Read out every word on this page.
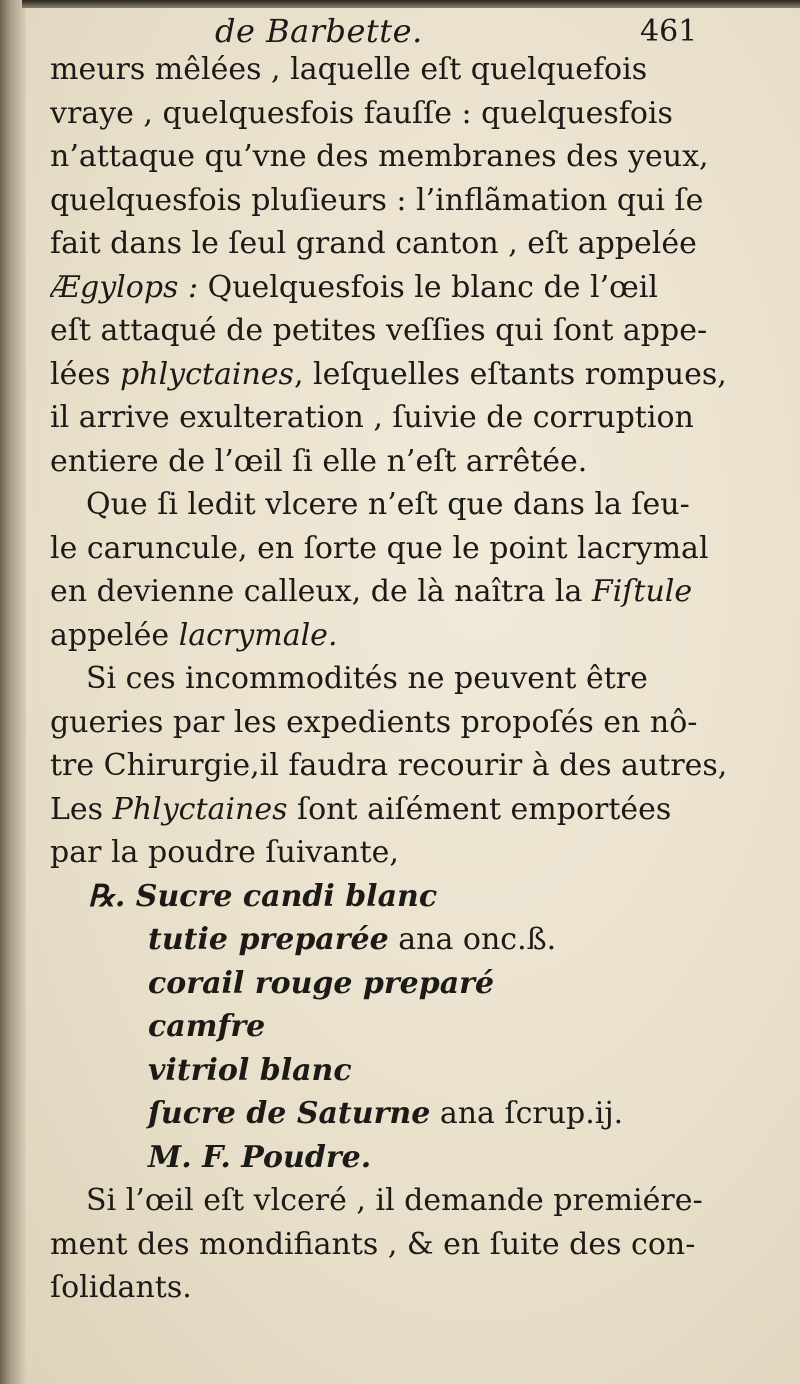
de Barbette.	461
meurs mêlées , laquelle eſt quelquefois
vraye , quelquesfois fauſſe : quelquesfois
n’attaque qu’vne des membranes des yeux,
quelquesfois pluſieurs : l’inflãmation qui ſe
fait dans le ſeul grand canton , eſt appelée
Ægylops : Quelquesfois le blanc de l’œil
eſt attaqué de petites veſſies qui ſont appe-
lées phlyctaines, leſquelles eſtants rompues,
il arrive exulteration , ſuivie de corruption
entiere de l’œil ſi elle n’eſt arrêtée.
Que ſi ledit vlcere n’eſt que dans la ſeu-
le caruncule, en ſorte que le point lacrymal
en devienne calleux, de là naîtra la Fiſtule
appelée lacrymale.
Si ces incommodités ne peuvent être
gueries par les expedients propoſés en nô-
tre Chirurgie,il faudra recourir à des autres,
Les Phlyctaines ſont aiſément emportées
par la poudre ſuivante,
℞. Sucre candi blanc
tutie preparée ana onc.ß.
corail rouge preparé
camfre
vitriol blanc
ſucre de Saturne ana ſcrup.ij.
M. F. Poudre.
Si l’œil eſt vlceré , il demande premiére-
ment des mondifiants , & en ſuite des con-
ſolidants.
